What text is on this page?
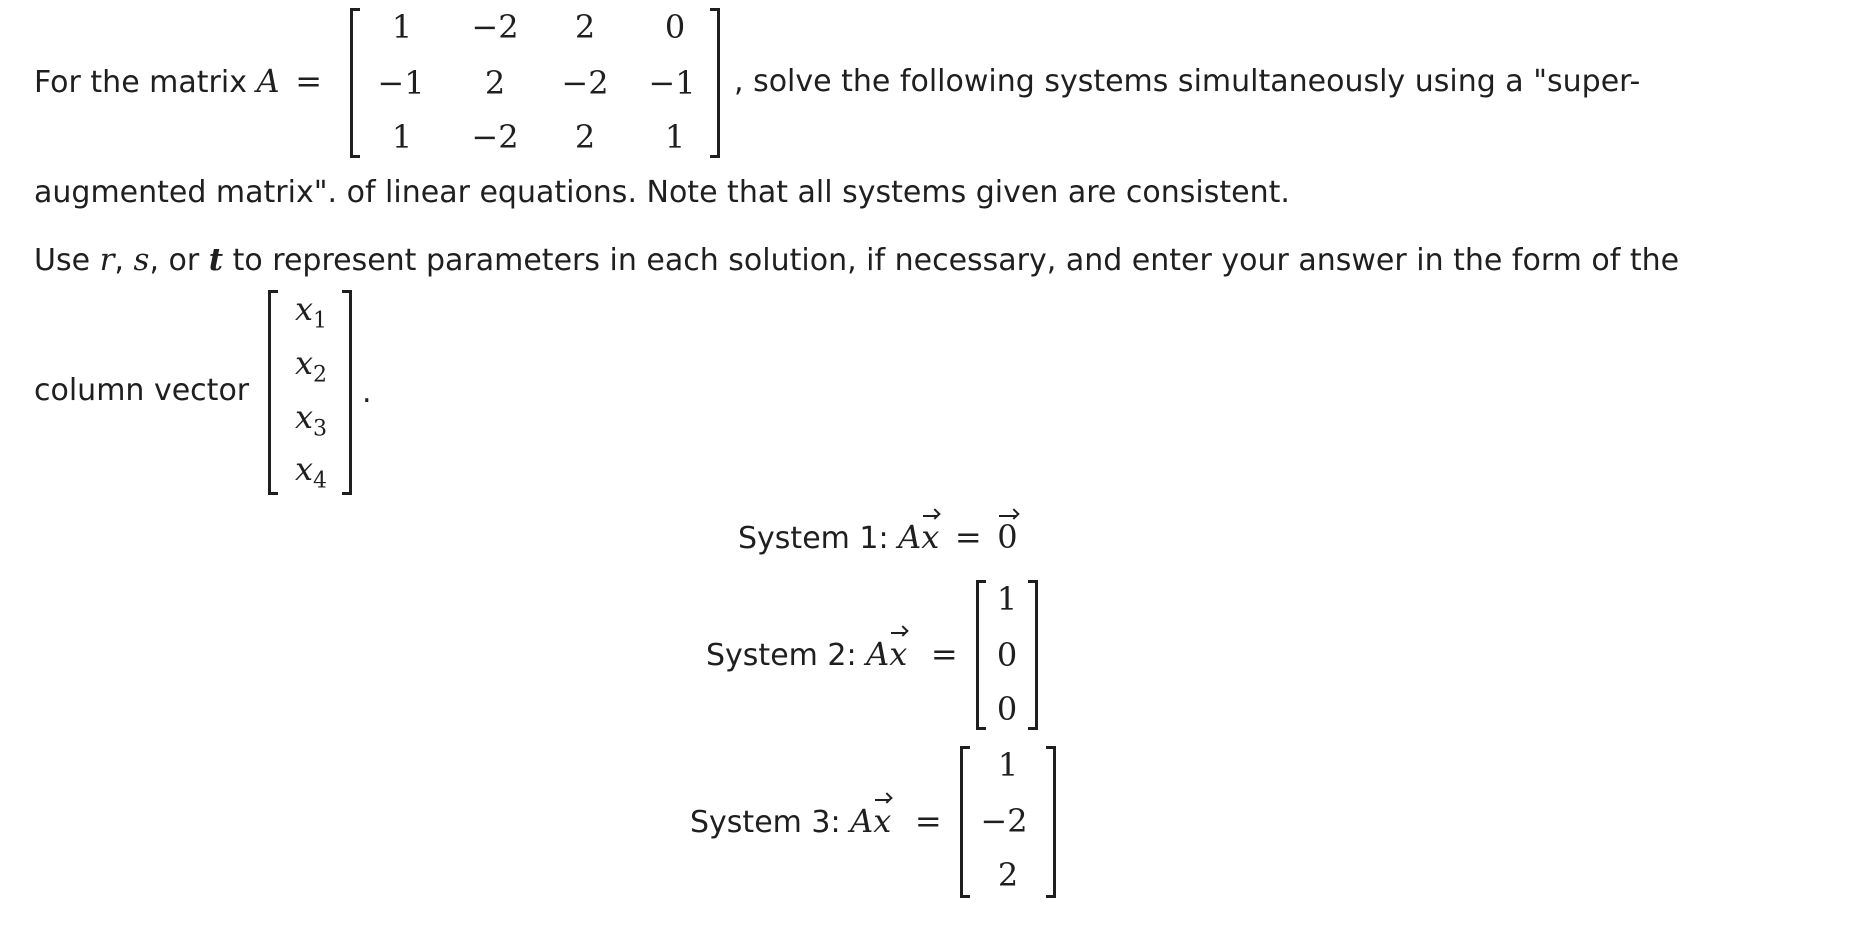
For the matrix A =
1	−2	2	0
−1	2	−2	−1
1	−2	2	1
, solve the following systems simultaneously using a "super-
augmented matrix". of linear equations. Note that all systems given are consistent.
Use r, s, or t to represent parameters in each solution, if necessary, and enter your answer in the form of the
column vector
$x_1$
$x_2$
$x_3$
$x_4$
.
System 1: Ax = 0
System 2: Ax =
1
0
0
System 3: Ax =
1
−2
2
